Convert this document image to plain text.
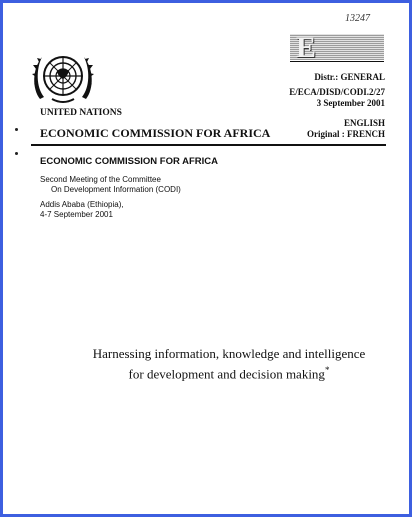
13247
E
Distr.: GENERAL
E/ECA/DISD/CODI.2/27
3 September 2001
ENGLISH
Original : FRENCH
UNITED NATIONS
ECONOMIC COMMISSION FOR AFRICA
ECONOMIC COMMISSION FOR AFRICA
Second Meeting of the Committee
On Development Information (CODI)
Addis Ababa (Ethiopia),
4-7 September 2001
Harnessing information, knowledge and intelligence
for development and decision making*
